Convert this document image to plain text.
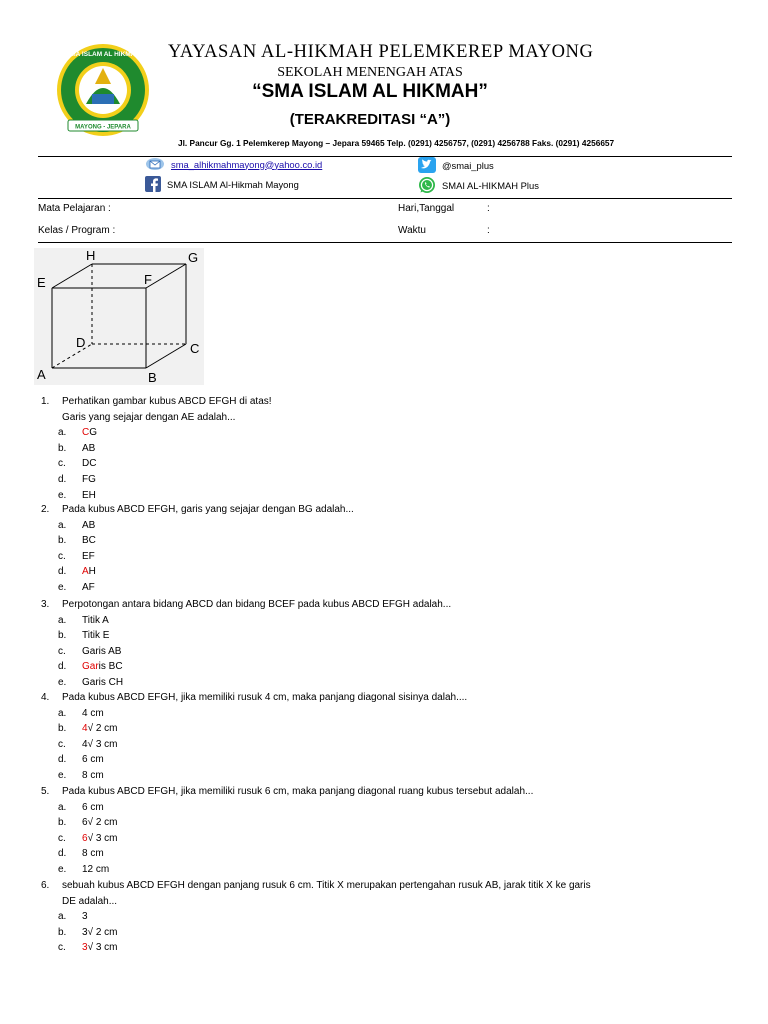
MAYONG - JEPARA
SMA ISLAM AL HIKMAH YAYASAN AL-HIKMAH PELEMKEREP MAYONG
SEKOLAH MENENGAH ATAS
“SMA ISLAM AL HIKMAH”
(TERAKREDITASI “A”)
Jl. Pancur Gg. 1 Pelemkerep Mayong – Jepara 59465 Telp. (0291) 4256757, (0291) 4256788 Faks. (0291) 4256657
sma_alhikmahmayong@yahoo.co.id
SMA ISLAM Al-Hikmah Mayong
@smai_plus
SMAI AL-HIKMAH Plus
Mata Pelajaran :
Kelas / Program :
Hari,Tanggal
Waktu
:
:
A	B
C
D
E	F
G
H
1. Perhatikan gambar kubus ABCD EFGH di atas!
Garis yang sejajar dengan AE adalah...
a. CG
b. AB
c. DC
d. FG
e. EH
2. Pada kubus ABCD EFGH, garis yang sejajar dengan BG adalah...
a. AB
b. BC
c. EF
d. AH
e. AF
3. Perpotongan antara bidang ABCD dan bidang BCEF pada kubus ABCD EFGH adalah...
a. Titik A
b. Titik E
c. Garis AB
d. Garis BC
e. Garis CH
4. Pada kubus ABCD EFGH, jika memiliki rusuk 4 cm, maka panjang diagonal sisinya dalah....
a. 4 cm
b. 4√ 2 cm
c. 4√ 3 cm
d. 6 cm
e. 8 cm
5. Pada kubus ABCD EFGH, jika memiliki rusuk 6 cm, maka panjang diagonal ruang kubus tersebut adalah...
a. 6 cm
b. 6√ 2 cm
c. 6√ 3 cm
d. 8 cm
e. 12 cm
6. sebuah kubus ABCD EFGH dengan panjang rusuk 6 cm. Titik X merupakan pertengahan rusuk AB, jarak titik X ke garis
DE adalah...
a. 3
b. 3√ 2 cm
c. 3√ 3 cm
